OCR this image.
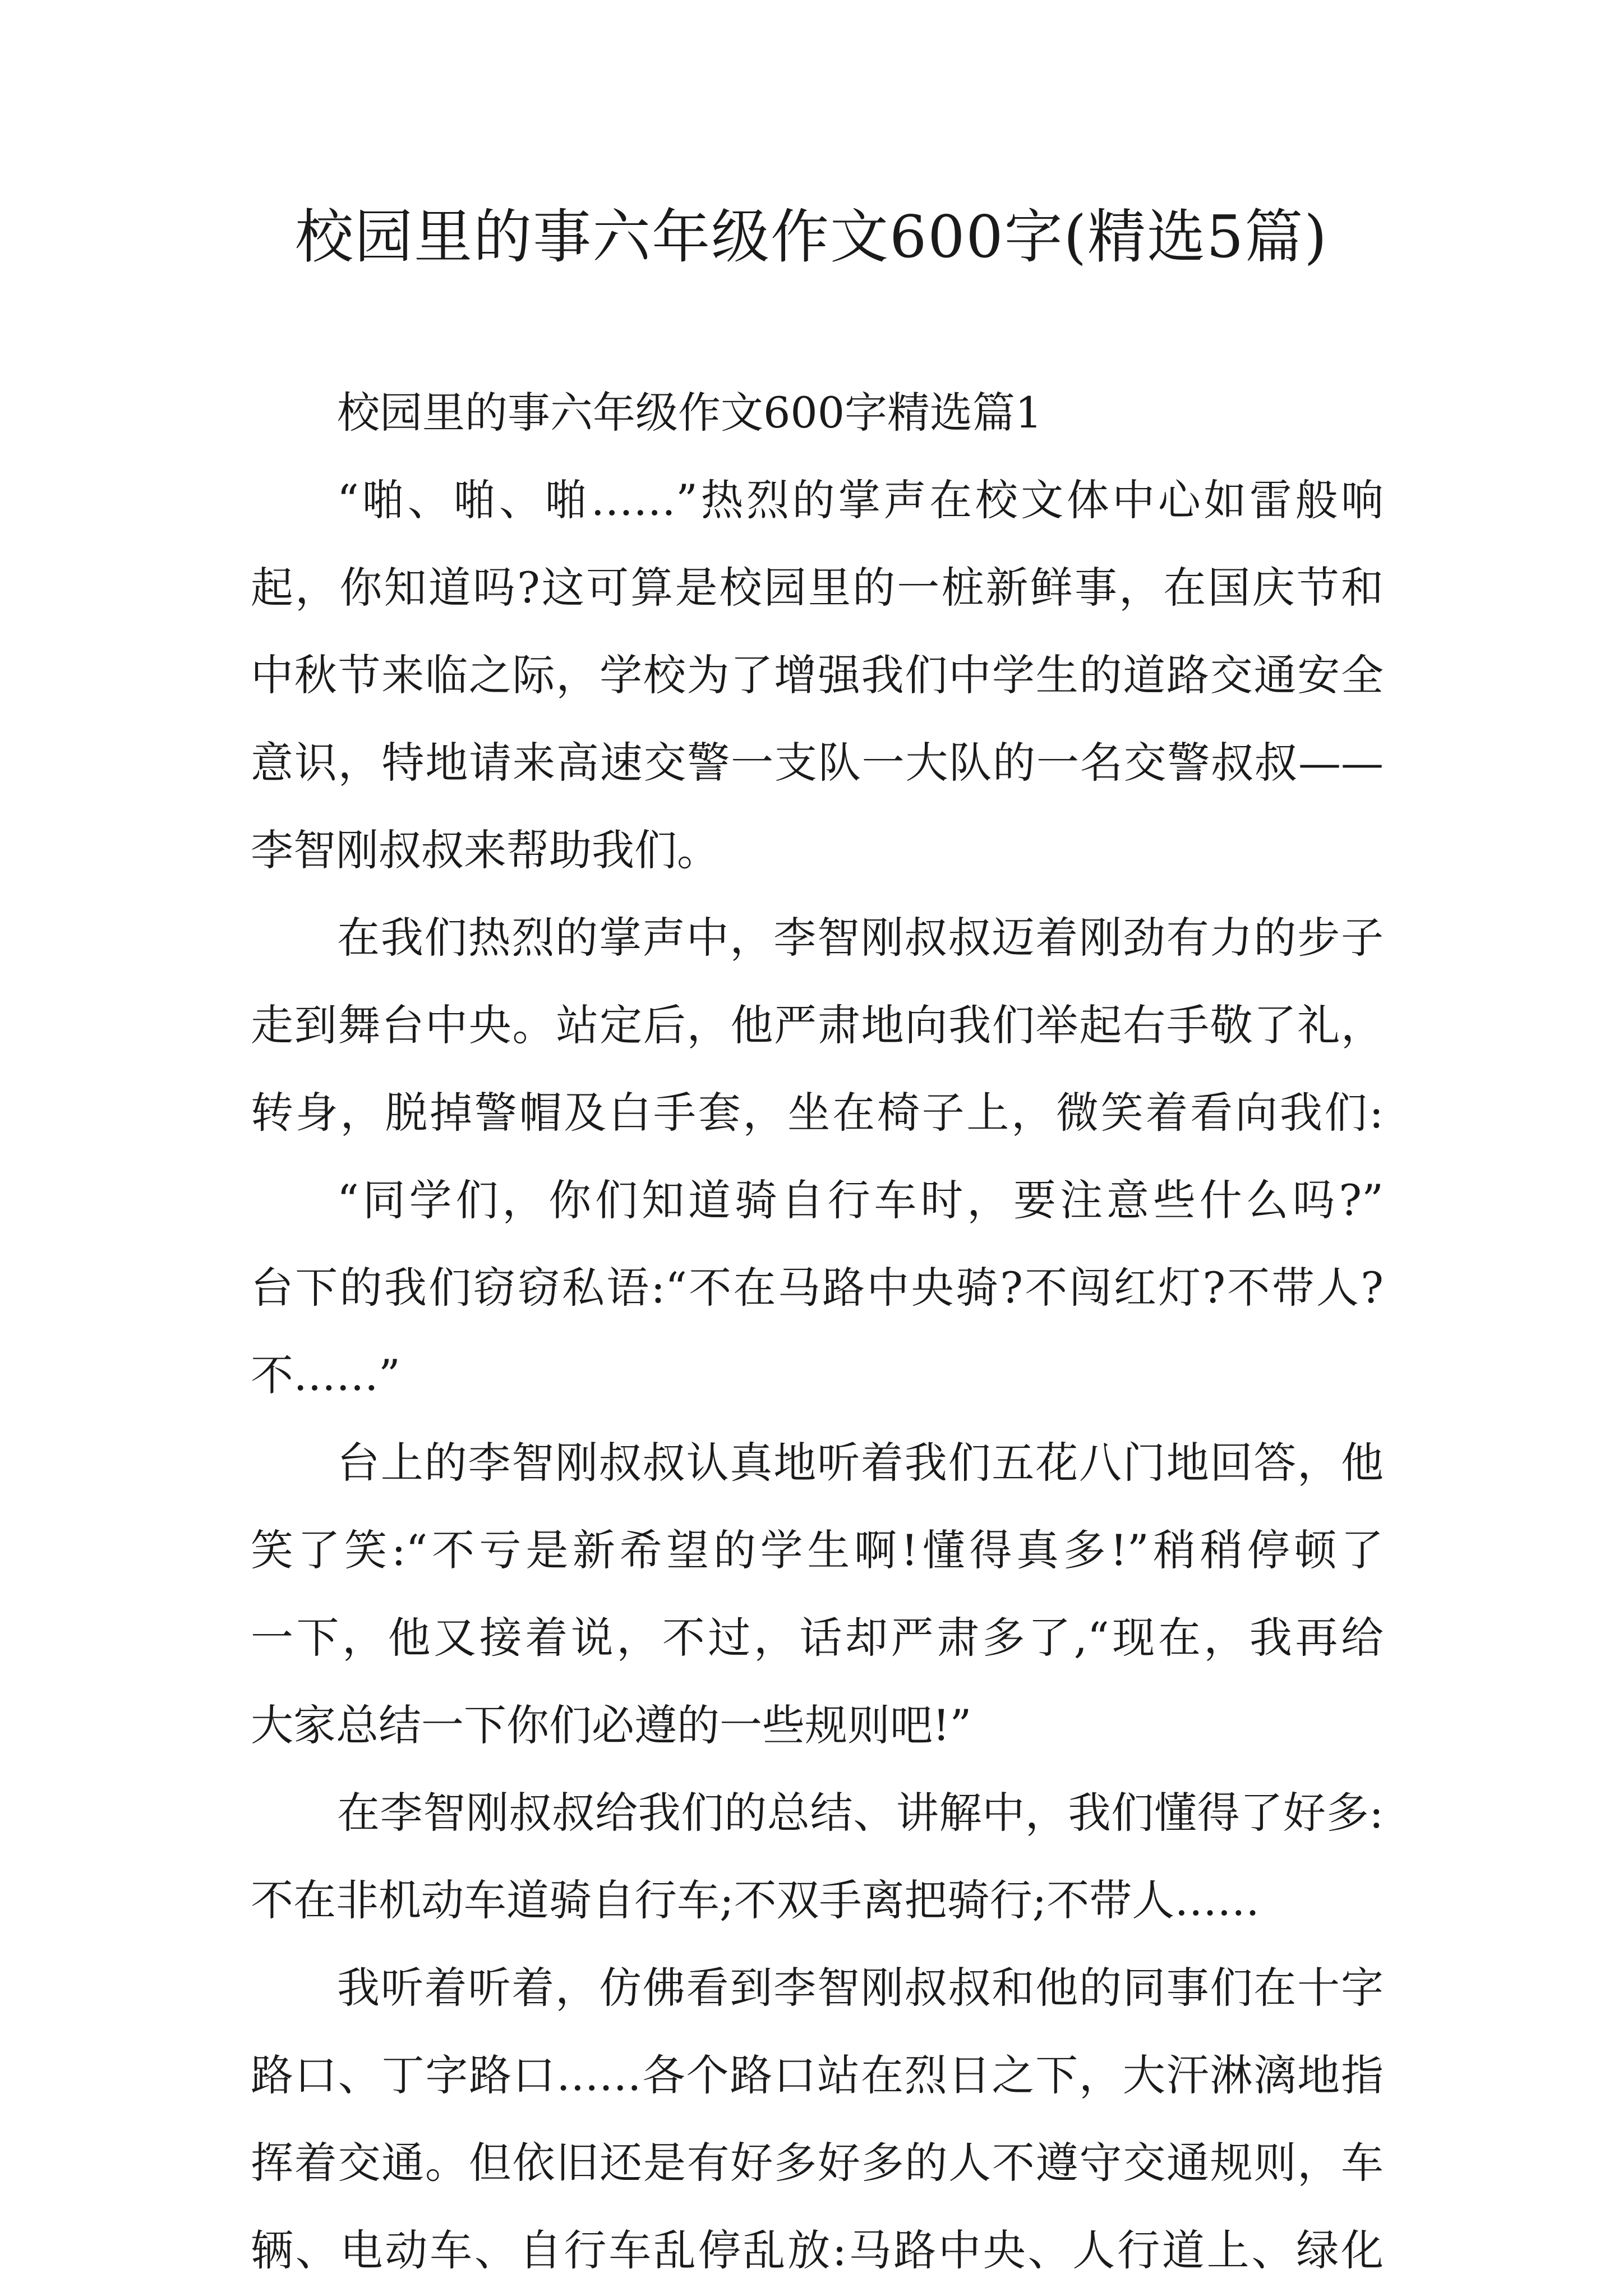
校园里的事六年级作文600字(精选5篇)
校园里的事六年级作文600字精选篇1
“啪、啪、啪……”热烈的掌声在校文体中心如雷般响
起，你知道吗?这可算是校园里的一桩新鲜事，在国庆节和
中秋节来临之际，学校为了增强我们中学生的道路交通安全
意识，特地请来高速交警一支队一大队的一名交警叔叔——
李智刚叔叔来帮助我们。
在我们热烈的掌声中，李智刚叔叔迈着刚劲有力的步子
走到舞台中央。站定后，他严肃地向我们举起右手敬了礼，
转身，脱掉警帽及白手套，坐在椅子上，微笑着看向我们:
“同学们，你们知道骑自行车时，要注意些什么吗?”
台下的我们窃窃私语:“不在马路中央骑?不闯红灯?不带人?
不……”
台上的李智刚叔叔认真地听着我们五花八门地回答，他
笑了笑:“不亏是新希望的学生啊!懂得真多!”稍稍停顿了
一下，他又接着说，不过，话却严肃多了,“现在，我再给
大家总结一下你们必遵的一些规则吧!”
在李智刚叔叔给我们的总结、讲解中，我们懂得了好多:
不在非机动车道骑自行车;不双手离把骑行;不带人……
我听着听着，仿佛看到李智刚叔叔和他的同事们在十字
路口、丁字路口……各个路口站在烈日之下，大汗淋漓地指
挥着交通。但依旧还是有好多好多的人不遵守交通规则，车
辆、电动车、自行车乱停乱放:马路中央、人行道上、绿化
